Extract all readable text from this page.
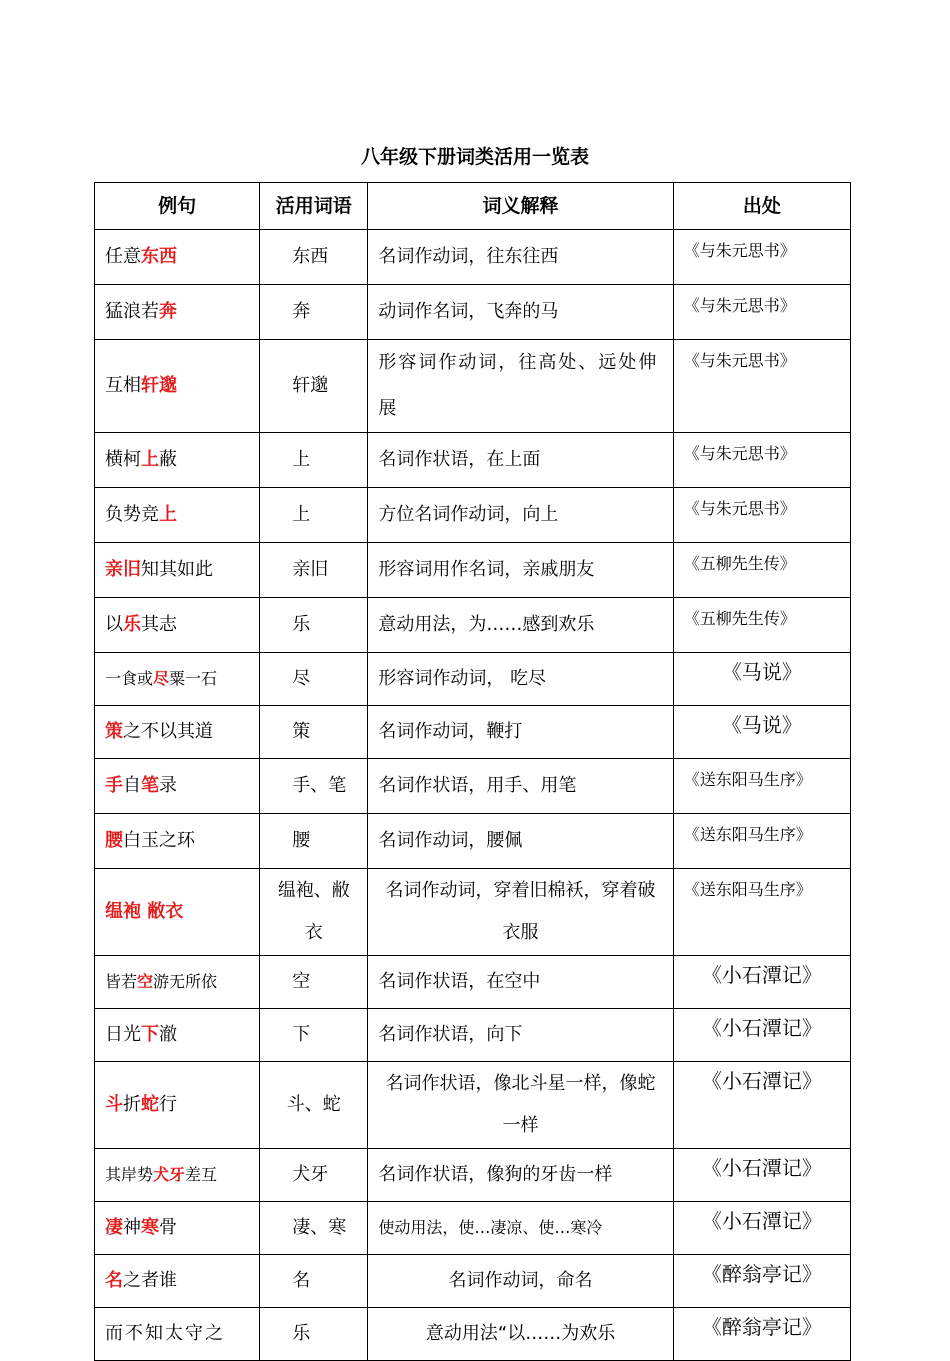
八年级下册词类活用一览表
例句	活用词语	词义解释	出处
任意东西	东西	名词作动词，往东往西	《与朱元思书》
猛浪若奔	奔	动词作名词，飞奔的马	《与朱元思书》
互相轩邈	轩邈	形容词作动词，往高处、远处伸展	《与朱元思书》
横柯上蔽	上	名词作状语，在上面	《与朱元思书》
负势竞上	上	方位名词作动词，向上	《与朱元思书》
亲旧知其如此	亲旧	形容词用作名词，亲戚朋友	《五柳先生传》
以乐其志	乐	意动用法，为……感到欢乐	《五柳先生传》
一食或尽粟一石	尽	形容词作动词， 吃尽	《马说》
策之不以其道	策	名词作动词，鞭打	《马说》
手自笔录	手、笔	名词作状语，用手、用笔	《送东阳马生序》
腰白玉之环	腰	名词作动词，腰佩	《送东阳马生序》
缊袍 敝衣	缊袍、敝衣	名词作动词，穿着旧棉袄，穿着破衣服	《送东阳马生序》
皆若空游无所依	空	名词作状语，在空中	《小石潭记》
日光下澈	下	名词作状语，向下	《小石潭记》
斗折蛇行	斗、蛇	名词作状语，像北斗星一样，像蛇一样	《小石潭记》
其岸势犬牙差互	犬牙	名词作状语，像狗的牙齿一样	《小石潭记》
凄神寒骨	凄、寒	使动用法，使…凄凉、使…寒冷	《小石潭记》
名之者谁	名	名词作动词，命名	《醉翁亭记》
而不知太守之	乐	意动用法“以……为欢乐	《醉翁亭记》
